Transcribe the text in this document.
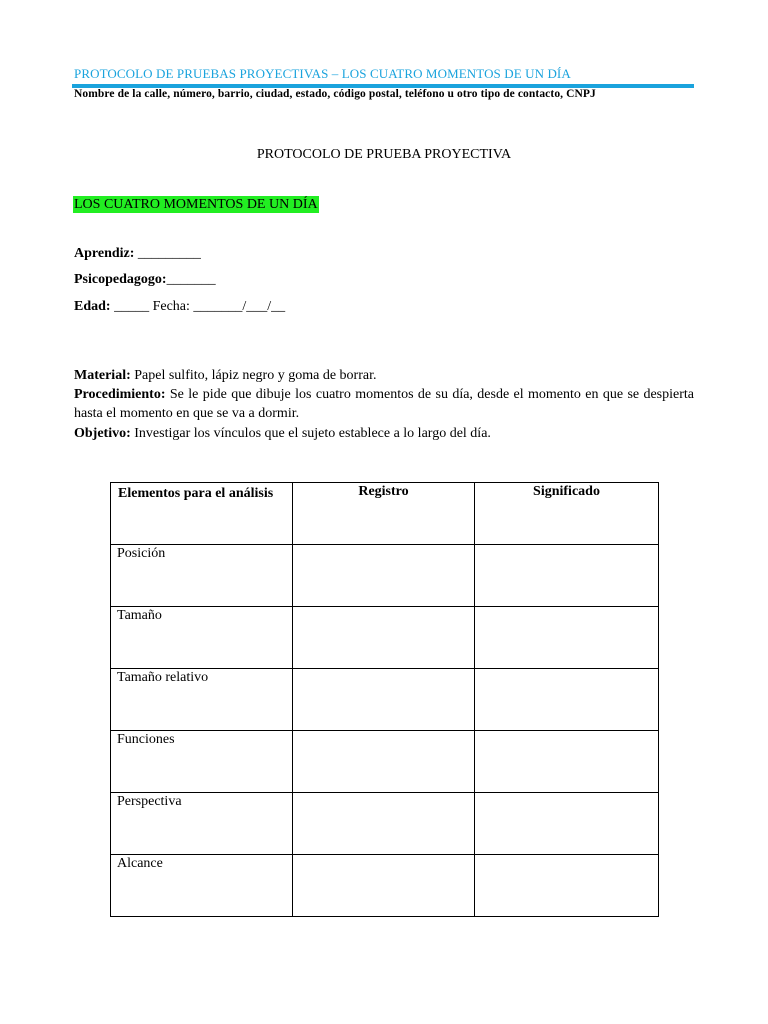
PROTOCOLO DE PRUEBAS PROYECTIVAS – LOS CUATRO MOMENTOS DE UN DÍA
Nombre de la calle, número, barrio, ciudad, estado, código postal, teléfono u otro tipo de contacto, CNPJ
PROTOCOLO DE PRUEBA PROYECTIVA
LOS CUATRO MOMENTOS DE UN DÍA
Aprendiz: _________
Psicopedagogo:_______
Edad: _____ Fecha: _______/___/__
Material: Papel sulfito, lápiz negro y goma de borrar.
Procedimiento: Se le pide que dibuje los cuatro momentos de su día, desde el momento en que se despierta hasta el momento en que se va a dormir.
Objetivo: Investigar los vínculos que el sujeto establece a lo largo del día.
Elementos para el análisis	Registro	Significado
Posición		
Tamaño		
Tamaño relativo		
Funciones		
Perspectiva		
Alcance		
